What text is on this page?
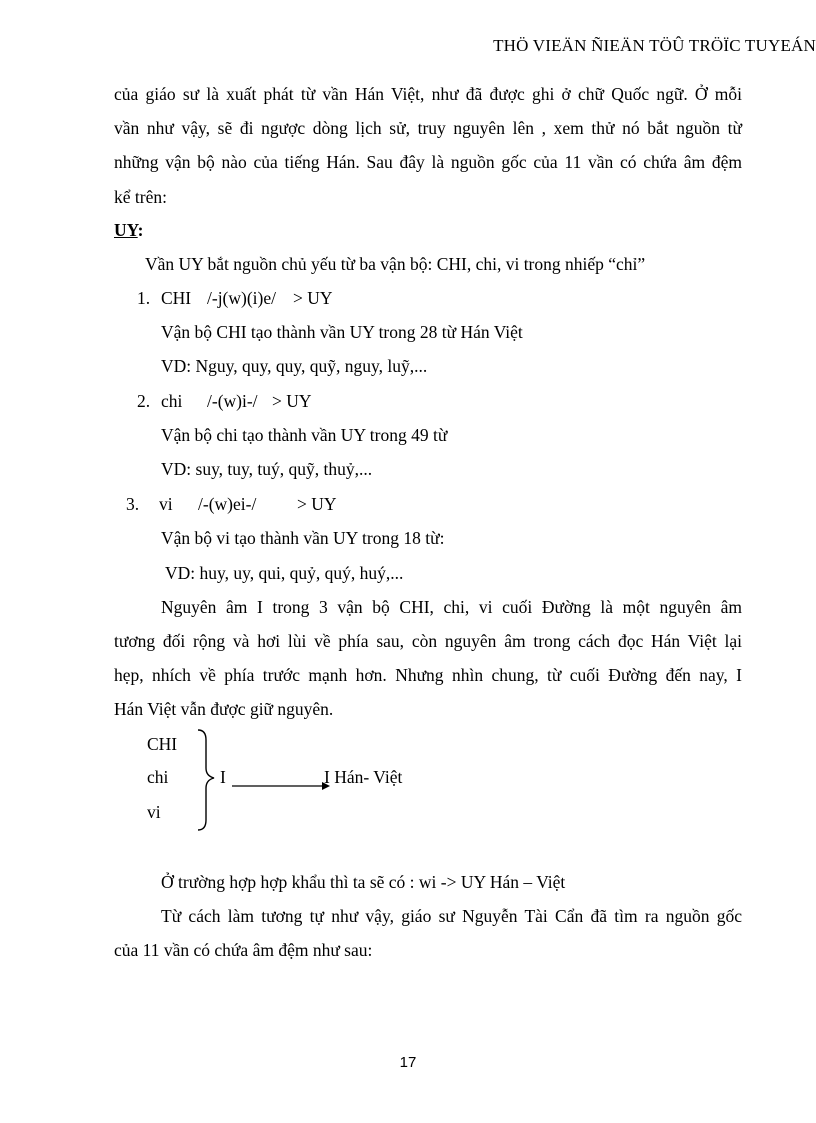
THÖ VIEÄN ÑIEÄN TÖÛ TRÖÏC TUYEÁN
của giáo sư là xuất phát từ vần Hán Việt, như đã được ghi ở chữ Quốc ngữ. Ở mỗi
vần như vậy, sẽ đi ngược dòng lịch sử, truy nguyên lên , xem thử nó bắt nguồn từ
những vận bộ nào của tiếng Hán. Sau đây là nguồn gốc của 11 vần có chứa âm đệm
kể trên:
UY:
Vần UY bắt nguồn chủ yếu từ ba vận bộ: CHI, chi, vi trong nhiếp “chỉ”
1. CHI /-j(w)(i)e/ > UY
Vận bộ CHI tạo thành vần UY trong 28 từ Hán Việt
VD: Nguy, quy, quy, quỹ, nguy, luỹ,...
2. chi /-(w)i-/ > UY
Vận bộ chi tạo thành vần UY trong 49 từ
VD: suy, tuy, tuý, quỹ, thuỷ,...
3. vi /-(w)ei-/ > UY
Vận bộ vi tạo thành vần UY trong 18 từ:
VD: huy, uy, qui, quỷ, quý, huý,...
Nguyên âm I trong 3 vận bộ CHI, chi, vi cuối Đường là một nguyên âm
tương đối rộng và hơi lùi về phía sau, còn nguyên âm trong cách đọc Hán Việt lại
hẹp, nhích về phía trước mạnh hơn. Nhưng nhìn chung, từ cuối Đường đến nay, I
Hán Việt vẫn được giữ nguyên.
CHI
chi
vi
I	I Hán- Việt
Ở trường hợp hợp khẩu thì ta sẽ có : wi -> UY Hán – Việt
Từ cách làm tương tự như vậy, giáo sư Nguyễn Tài Cẩn đã tìm ra nguồn gốc
của 11 vần có chứa âm đệm như sau:
17
